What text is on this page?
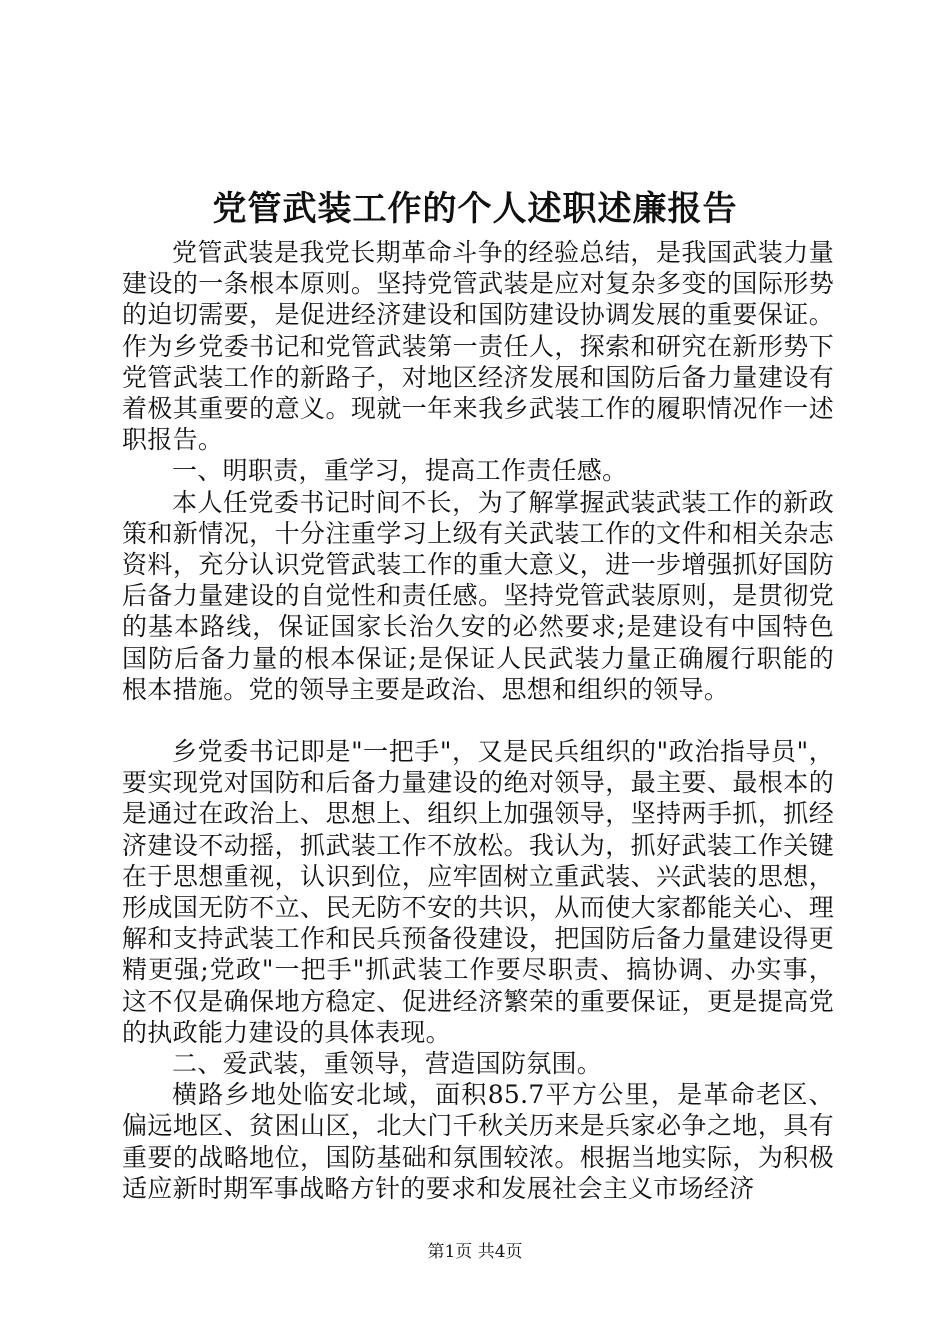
党管武装工作的个人述职述廉报告

党管武装是我党长期革命斗争的经验总结，是我国武装力量建设的一条根本原则。坚持党管武装是应对复杂多变的国际形势的迫切需要，是促进经济建设和国防建设协调发展的重要保证。作为乡党委书记和党管武装第一责任人，探索和研究在新形势下党管武装工作的新路子，对地区经济发展和国防后备力量建设有着极其重要的意义。现就一年来我乡武装工作的履职情况作一述职报告。

一、明职责，重学习，提高工作责任感。

本人任党委书记时间不长，为了解掌握武装武装工作的新政策和新情况，十分注重学习上级有关武装工作的文件和相关杂志资料，充分认识党管武装工作的重大意义，进一步增强抓好国防后备力量建设的自觉性和责任感。坚持党管武装原则，是贯彻党的基本路线，保证国家长治久安的必然要求;是建设有中国特色国防后备力量的根本保证;是保证人民武装力量正确履行职能的根本措施。党的领导主要是政治、思想和组织的领导。

乡党委书记即是"一把手"，又是民兵组织的"政治指导员"，要实现党对国防和后备力量建设的绝对领导，最主要、最根本的是通过在政治上、思想上、组织上加强领导，坚持两手抓，抓经济建设不动摇，抓武装工作不放松。我认为，抓好武装工作关键在于思想重视，认识到位，应牢固树立重武装、兴武装的思想，形成国无防不立、民无防不安的共识，从而使大家都能关心、理解和支持武装工作和民兵预备役建设，把国防后备力量建设得更精更强;党政"一把手"抓武装工作要尽职责、搞协调、办实事，这不仅是确保地方稳定、促进经济繁荣的重要保证，更是提高党的执政能力建设的具体表现。

二、爱武装，重领导，营造国防氛围。

横路乡地处临安北域，面积85.7平方公里，是革命老区、偏远地区、贫困山区，北大门千秋关历来是兵家必争之地，具有重要的战略地位，国防基础和氛围较浓。根据当地实际，为积极适应新时期军事战略方针的要求和发展社会主义市场经济

第1页 共4页
